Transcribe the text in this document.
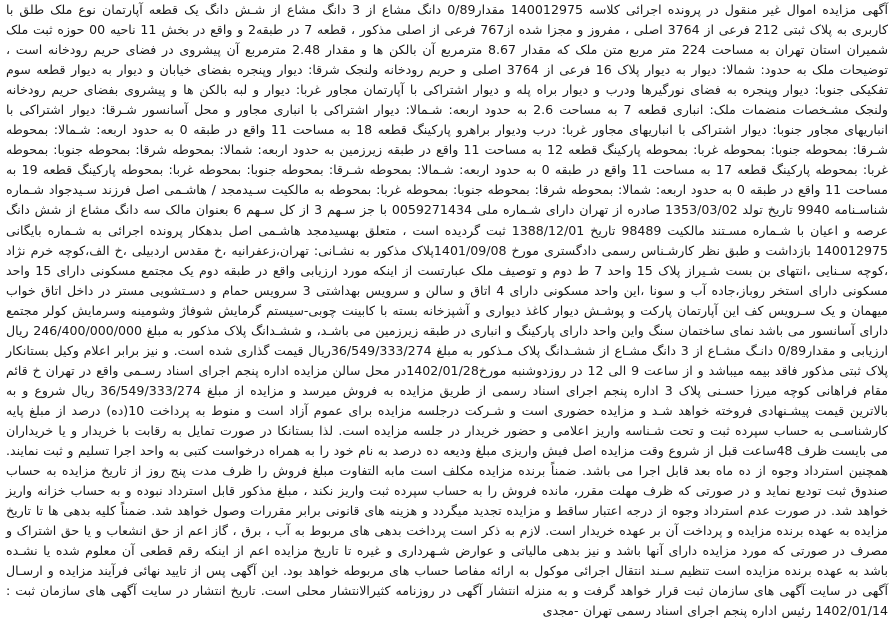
آگهی مزایده اموال غیر منقول در پرونده اجرائی کلاسه 140012975 مقدار0/89 دانگ مشاع از 3 دانگ مشاع از شـش دانگ یک قطعه آپارتمان نوع ملک طلق با کاربری به پلاک ثبتی 212 فرعی از 3764 اصلی ، مفروز و مجزا شده از767 فرعی از اصلی مذکور ، قطعه 7 در طبقه2 و واقع در بخش 11 ناحیه 00 حوزه ثبت ملک شمیران استان تهران به مساحت 224 متر مربع متن ملک که مقدار 8.67 مترمربع آن بالکن ها و مقدار 2.48 مترمربع آن پیشروی در فضای حریم رودخانه است ، توضیحات ملک به حدود: شمالا: دیوار به دیوار پلاک 16 فرعی از 3764 اصلی و حریم رودخانه ولنجک شرقا: دیوار وپنجره بفضای خیابان و دیوار به دیوار قطعه سوم تفکیکی جنوبا: دیوار وپنجره به فضای نورگیرها ودرب و دیوار براه پله و دیوار اشتراکی با آپارتمان مجاور غربا: دیوار و لبه بالکن ها و پیشروی بفضای حریم رودخانه ولنجک مشـخصات منضمات ملک: انباری قطعه 7 به مساحت 2.6 به حدود اربعه: شـمالا: دیوار اشتراکی با انباری مجاور و محل آسانسور شـرقا: دیوار اشتراکی با انباریهای مجاور جنوبا: دیوار اشتراکی با انباریهای مجاور غربا: درب ودیوار براهرو پارکینگ قطعه 18 به مساحت 11 واقع در طبقه 0 به حدود اربعه: شـمالا: بمحوطه شـرقا: بمحوطه جنوبا: بمحوطه غربا: بمحوطه پارکینگ قطعه 12 به مساحت 11 واقع در طبقه زیرزمین به حدود اربعه: شمالا: بمحوطه شرقا: بمحوطه جنوبا: بمحوطه غربا: بمحوطه پارکینگ قطعه 17 به مساحت 11 واقع در طبقه 0 به حدود اربعه: شـمالا: بمحوطه شـرقا: بمحوطه جنوبا: بمحوطه غربا: بمحوطه پارکینگ قطعه 19 به مساحت 11 واقع در طبقه 0 به حدود اربعه: شمالا: بمحوطه شرقا: بمحوطه جنوبا: بمحوطه غربا: بمحوطه به مالکیت سـیدمجد / هاشـمی اصل فرزند سـیدجواد شـماره شناسـنامه 9940 تاریخ تولد 1353/03/02 صادره از تهران دارای شـماره ملی 0059271434 با جز سـهم 3 از کل سـهم 6 بعنوان مالک سه دانگ مشاع از شش دانگ عرصه و اعیان با شـماره مسـتند مالکیت 98489 تاریخ 1388/12/01 ثبت گردیده است ، متعلق بهسیدمجد هاشـمی اصل بدهکار پرونده اجرائی به شـماره بایگانی 140012975 بازداشت و طبق نظر کارشـناس رسمی دادگستری مورخ 1401/09/08پلاک مذکور به نشـانی: تهران،زعفرانیه ،خ مقدس اردبیلی ،خ الف،کوچه خرم نژاد ،کوچه سـنایی ،انتهای بن بست شـیراز پلاک 15 واحد 7 ط دوم و توصیف ملک عبارتست از اینکه مورد ارزیابی واقع در طبقه دوم یک مجتمع مسکونی دارای 15 واحد مسکونی دارای استخر روباز،جاده آب و سونا ،این واحد مسکونی دارای 4 اتاق و سالن و سرویس بهداشتی 3 سرویس حمام و دسـتشویی مستر در داخل اتاق خواب میهمان و یک سـرویس کف این آپارتمان پارکت و پوشـش دیوار کاغذ دیواری و آشپزخانه بسته با کابینت چوبی-سیستم گرمایش شوفاژ وشومینه وسرمایش کولر مجتمع دارای آسانسور می باشد نمای ساختمان سنگ واین واحد دارای پارکینگ و انباری در طبقه زیرزمین می باشـد، و ششـدانگ پلاک مذکور به مبلغ 246/400/000/000 ریال ارزیابی و مقدار0/89 دانـگ مشـاع از 3 دانگ مشـاع از ششـدانگ پلاک مـذکور به مبلغ 36/549/333/274ریال قیمت گذاری شده است. و نیز برابر اعلام وکیل بستانکار پلاک ثبتی مذکور فاقد بیمه میباشد و از ساعت 9 الی 12 در روزدوشنبه مورخ1402/01/28در محل سالن مزایده اداره پنجم اجرای اسناد رسـمی واقع در تهران خ قائم مقام فراهانی کوچه میرزا حسـنی پلاک 3 اداره پنجم اجرای اسناد رسمی از طریق مزایده به فروش میرسد و مزایده از مبلغ 36/549/333/274 ریال شروع و به بالاترین قیمت پیشـنهادی فروخته خواهد شـد و مزایده حضوری است و شـرکت درجلسه مزایده برای عموم آزاد است و منوط به پرداخت 10(ده) درصد از مبلغ پایه کارشناسـی به حساب سپرده ثبت و تحت شـناسه واریز اعلامی و حضور خریدار در جلسه مزایده است. لذا بستانکا در صورت تمایل به رقابت با خریدار و یا خریداران می بایست ظرف 48ساعت قبل از شروع وقت مزایده اصل فیش واریزی مبلغ ودیعه ده درصد به نام خود را به همراه درخواست کتبی به واحد اجرا تسلیم و ثبت نمایند. همچنین استرداد وجوه از ده ماه بعد قابل اجرا می باشد. ضمناً برنده مزایده مکلف است مابه التفاوت مبلغ فروش را ظرف مدت پنج روز از تاریخ مزایده به حساب صندوق ثبت تودیع نماید و در صورتی که ظرف مهلت مقرر، مانده فروش را به حساب سپرده ثبت واریز نکند ، مبلغ مذکور قابل استرداد نبوده و به حساب خزانه واریز خواهد شد. در صورت عدم استرداد وجوه از درجه اعتبار ساقط و مزایده تجدید میگردد و هزینه های قانونی برابر مقررات وصول خواهد شد. ضمناً کلیه بدهی ها تا تاریخ مزایده به عهده برنده مزایده و پرداخت آن بر عهده خریدار است. لازم به ذکر است پرداخت بدهی های مربوط به آب ، برق ، گاز اعم از حق انشعاب و یا حق اشتراک و مصرف در صورتی که مورد مزایده دارای آنها باشد و نیز بدهی مالیاتی و عوارض شـهرداری و غیره تا تاریخ مزایده اعم از اینکه رقم قطعی آن معلوم شده یا نشـده باشد به عهده برنده مزایده است تنظیم سـند انتقال اجرائی موکول به ارائه مفاصا حساب های مربوطه خواهد بود. این آگهی پس از تایید نهائی فرآیند مزایده و ارسـال آگهی در سایت آگهی های سازمان ثبت قرار خواهد گرفت و به منزله انتشار آگهی در روزنامه کثیرالانتشار محلی است. تاریخ انتشار در سایت آگهی های سازمان ثبت : 1402/01/14 رئیس اداره پنجم اجرای اسناد رسمی تهران -مجدی
